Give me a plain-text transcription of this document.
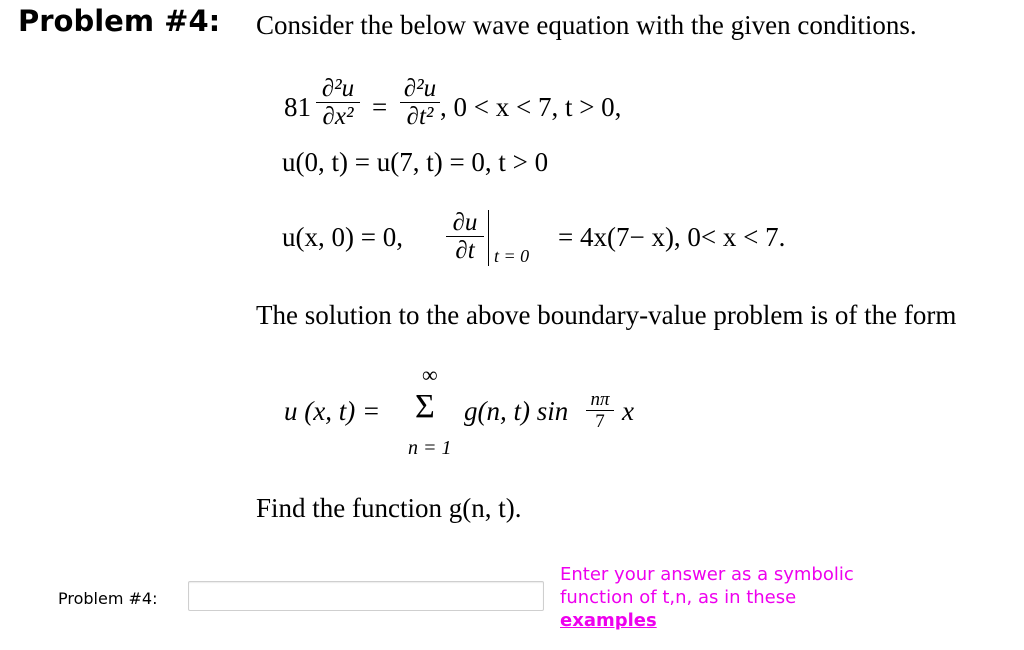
Problem #4: Consider the below wave equation with the given conditions.
81
∂²u
∂x² =
∂²u
∂t² , 0 < x < 7, t > 0,
u(0, t) = u(7, t) = 0, t > 0
u(x, 0) = 0, ∂u
∂t	t = 0
= 4x(7− x), 0< x < 7.
The solution to the above boundary-value problem is of the form
u (x, t) =
∞
Σ
n = 1
g(n, t) sin nπ
7 x
Find the function g(n, t).
Problem #4:
Enter your answer as a symbolic function of t,n, as in these
examples
